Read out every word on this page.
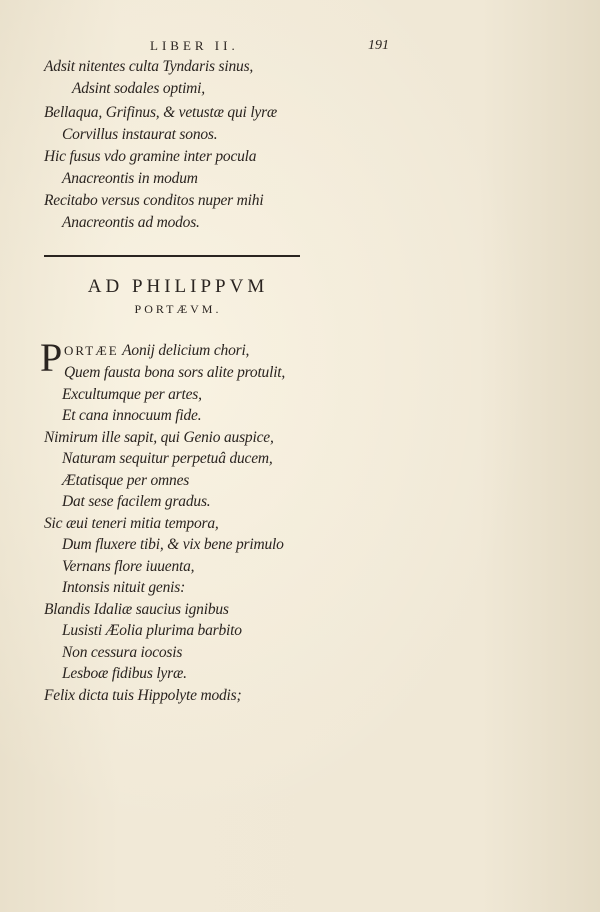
LIBER II.	191
Adsit nitentes culta Tyndaris sinus,
Adsint sodales optimi,
Bellaqua, Grifinus, & vetustæ qui lyræ
Corvillus instaurat sonos.
Hic fusus vdo gramine inter pocula
Anacreontis in modum
Recitabo versus conditos nuper mihi
Anacreontis ad modos.
AD PHILIPPVM
PORTÆVM.
P ORTÆE Aonij delicium chori,
Quem fausta bona sors alite protulit,
Excultumque per artes,
Et cana innocuum fide.
Nimirum ille sapit, qui Genio auspice,
Naturam sequitur perpetuâ ducem,
Ætatisque per omnes
Dat sese facilem gradus.
Sic æui teneri mitia tempora,
Dum fluxere tibi, & vix bene primulo
Vernans flore iuuenta,
Intonsis nituit genis:
Blandis Idaliæ saucius ignibus
Lusisti Æolia plurima barbito
Non cessura iocosis
Lesboæ fidibus lyræ.
Felix dicta tuis Hippolyte modis;
